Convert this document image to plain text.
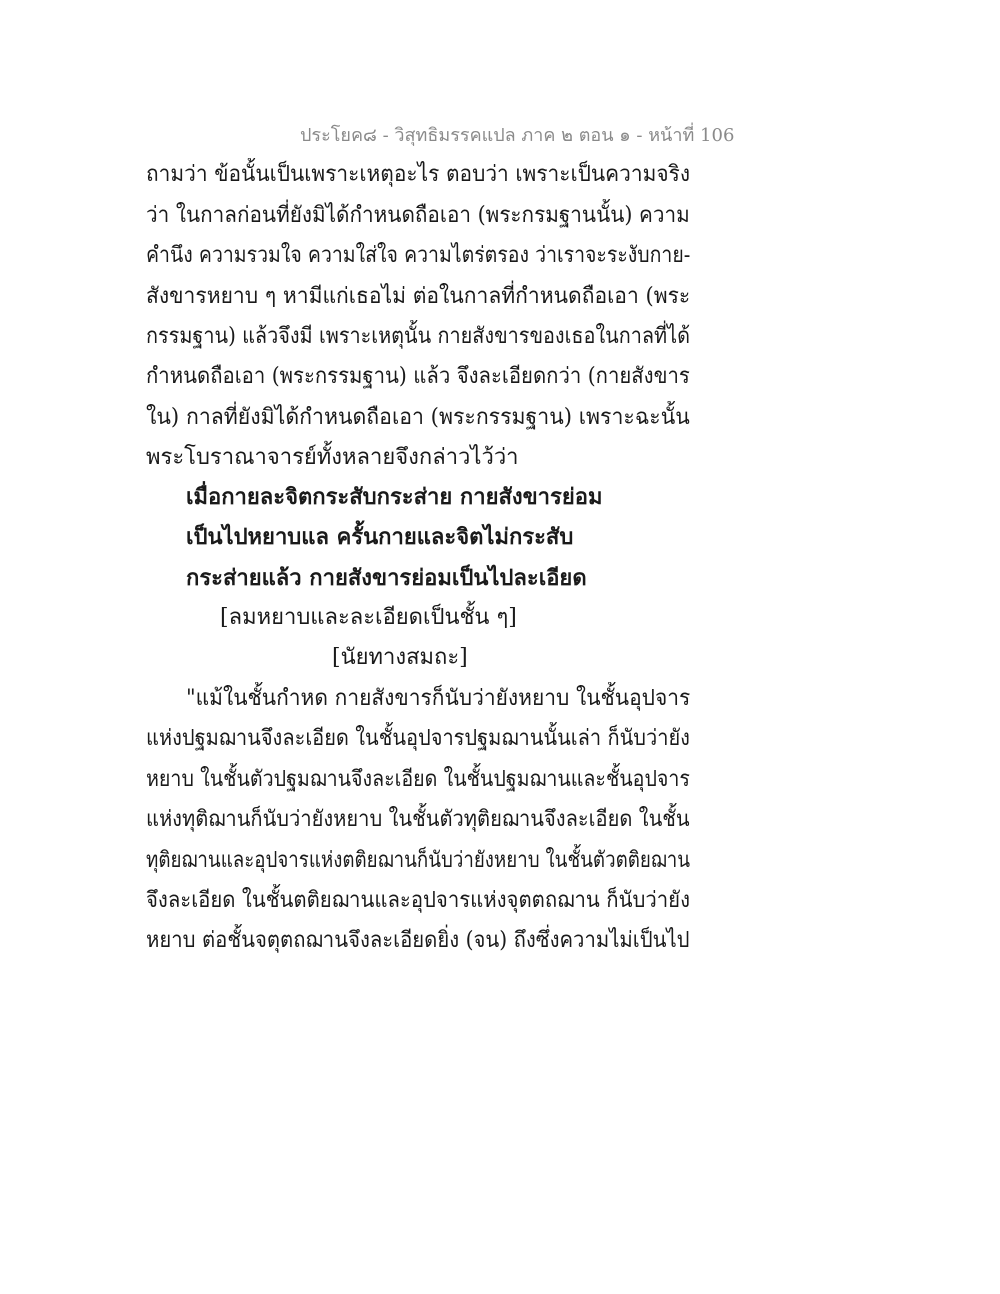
ประโยค๘ - วิสุทธิมรรคแปล ภาค ๒ ตอน ๑ - หน้าที่ 106
ถามว่า ข้อนั้นเป็นเพราะเหตุอะไร ตอบว่า เพราะเป็นความจริง
ว่า ในกาลก่อนที่ยังมิได้กำหนดถือเอา (พระกรมฐานนั้น) ความ
คำนึง ความรวมใจ ความใส่ใจ ความไตร่ตรอง ว่าเราจะระงับกาย-
สังขารหยาบ ๆ หามีแก่เธอไม่ ต่อในกาลที่กำหนดถือเอา (พระ
กรรมฐาน) แล้วจึงมี เพราะเหตุนั้น กายสังขารของเธอในกาลที่ได้
กำหนดถือเอา (พระกรรมฐาน) แล้ว จึงละเอียดกว่า (กายสังขาร
ใน) กาลที่ยังมิได้กำหนดถือเอา (พระกรรมฐาน) เพราะฉะนั้น
พระโบราณาจารย์ทั้งหลายจึงกล่าวไว้ว่า
เมื่อกายละจิตกระสับกระส่าย กายสังขารย่อม
เป็นไปหยาบแล ครั้นกายและจิตไม่กระสับ
กระส่ายแล้ว กายสังขารย่อมเป็นไปละเอียด
[ลมหยาบและละเอียดเป็นชั้น ๆ]
[นัยทางสมถะ]
"แม้ในชั้นกำหด กายสังขารก็นับว่ายังหยาบ ในชั้นอุปจาร
แห่งปฐมฌานจึงละเอียด ในชั้นอุปจารปฐมฌานนั้นเล่า ก็นับว่ายัง
หยาบ ในชั้นตัวปฐมฌานจึงละเอียด ในชั้นปฐมฌานและชั้นอุปจาร
แห่งทุติฌานก็นับว่ายังหยาบ ในชั้นตัวทุติยฌานจึงละเอียด ในชั้น
ทุติยฌานและอุปจารแห่งตติยฌานก็นับว่ายังหยาบ ในชั้นตัวตติยฌาน
จึงละเอียด ในชั้นตติยฌานและอุปจารแห่งจุตตถฌาน ก็นับว่ายัง
หยาบ ต่อชั้นจตุตถฌานจึงละเอียดยิ่ง (จน) ถึงซึ่งความไม่เป็นไป
